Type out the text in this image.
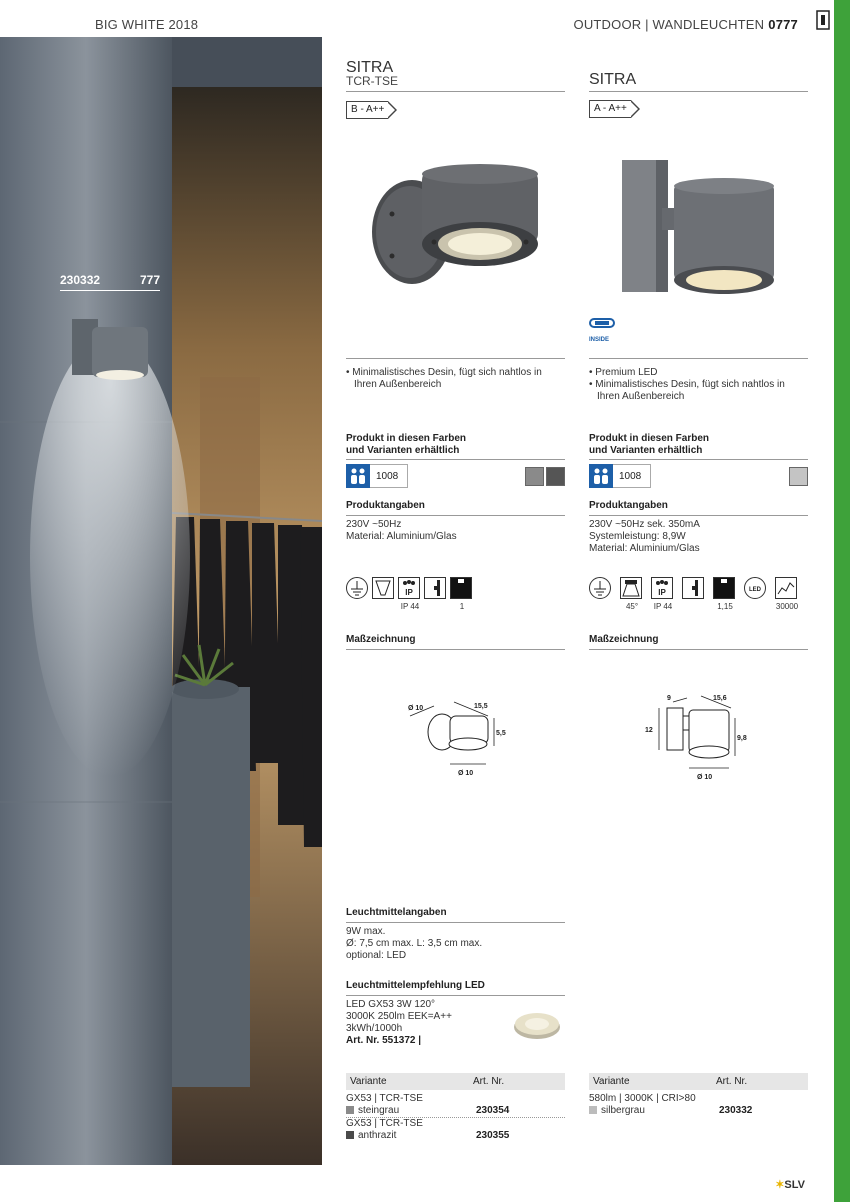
BIG WHITE 2018	OUTDOOR | WANDLEUCHTEN 0777
230332	777
SITRA
TCR-TSE
B - A++
• Minimalistisches Desin, fügt sich nahtlos in Ihren Außenbereich
Produkt in diesen Farben
und Varianten erhältlich
1008
Produktangaben
230V ~50Hz
Material: Aluminium/Glas
IP
IP 44	1
Maßzeichnung
Ø 10	15,5
5,5
Ø 10
Leuchtmittelangaben
9W max.
Ø: 7,5 cm max. L: 3,5 cm max.
optional: LED
Leuchtmittelempfehlung LED
LED GX53 3W 120°
3000K 250lm EEK=A++
3kWh/1000h
Art. Nr. 551372 |
Variante	Art. Nr.
GX53 | TCR-TSE
steingrau	230354
GX53 | TCR-TSE
anthrazit	230355
SITRA
A - A++
INSIDE
• Premium LED
• Minimalistisches Desin, fügt sich nahtlos in Ihren Außenbereich
Produkt in diesen Farben
und Varianten erhältlich
1008
Produktangaben
230V ~50Hz sek. 350mA
Systemleistung: 8,9W
Material: Aluminium/Glas
45°
IP
IP 44	1,15
LED
30000
Maßzeichnung
9	15,6
12
9,8
Ø 10
Variante	Art. Nr.
580lm | 3000K | CRI>80
silbergrau	230332
✶SLV
